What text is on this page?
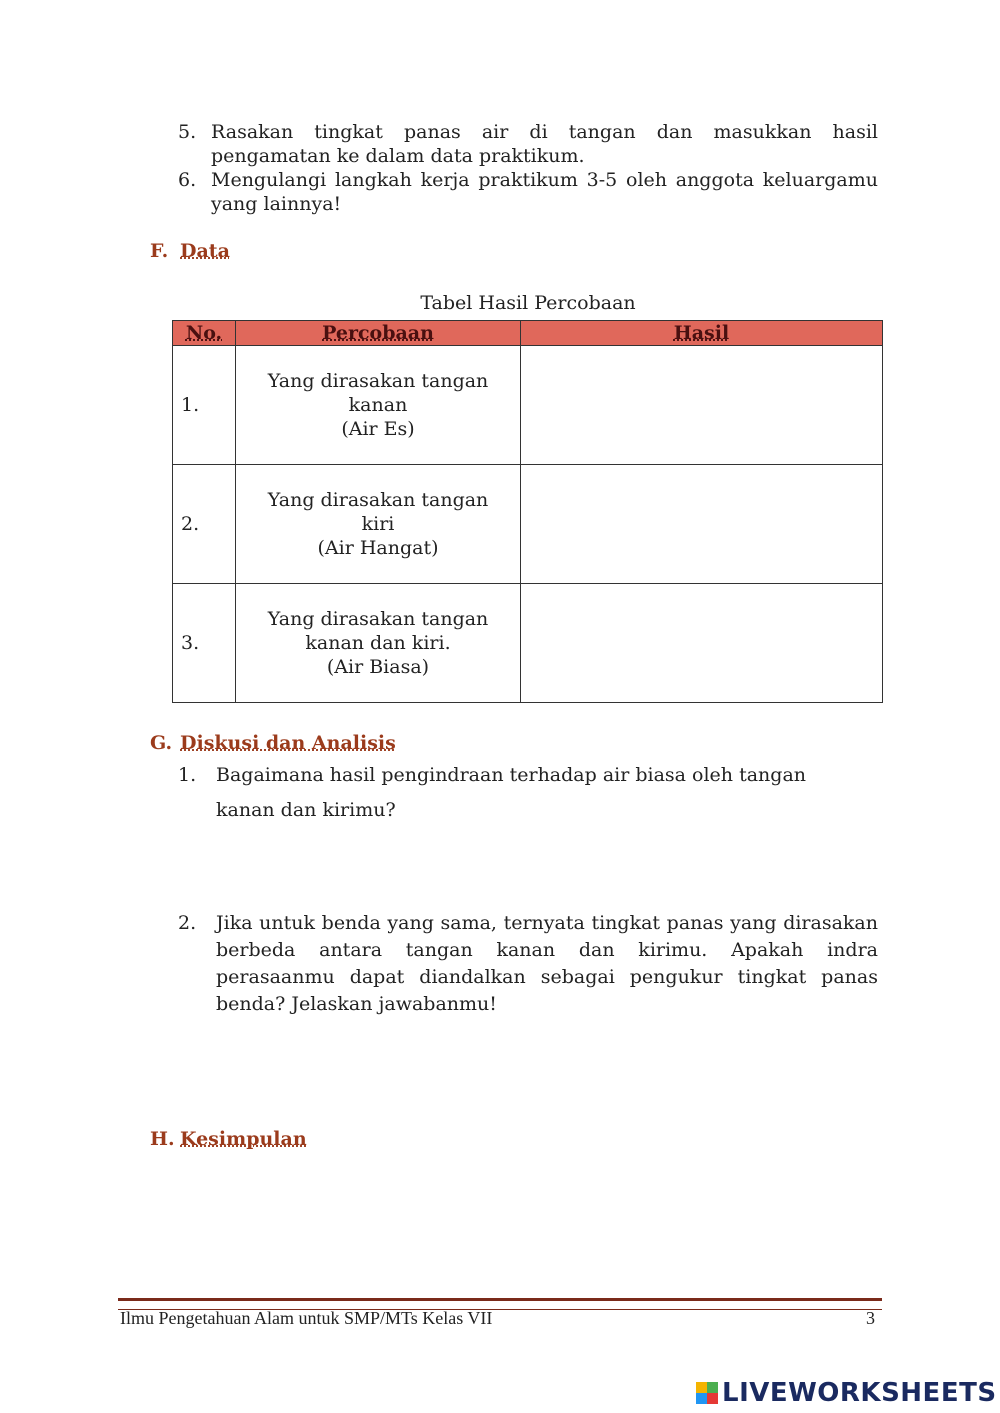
5. Rasakan tingkat panas air di tangan dan masukkan hasil pengamatan ke dalam data praktikum.
6. Mengulangi langkah kerja praktikum 3-5 oleh anggota keluargamu yang lainnya!
F. Data
Tabel Hasil Percobaan
No.	Percobaan	Hasil
1.	Yang dirasakan tangan
kanan
(Air Es)	

2.	Yang dirasakan tangan
kiri
(Air Hangat)	

3.	Yang dirasakan tangan
kanan dan kiri.
(Air Biasa)	

G. Diskusi dan Analisis
1.	Bagaimana hasil pengindraan terhadap air biasa oleh tangan kanan dan kirimu?
2.	Jika untuk benda yang sama, ternyata tingkat panas yang dirasakan berbeda antara tangan kanan dan kirimu. Apakah indra perasaanmu dapat diandalkan sebagai pengukur tingkat panas benda? Jelaskan jawabanmu!
H. Kesimpulan
Ilmu Pengetahuan Alam untuk SMP/MTs Kelas VII	3
LIVEWORKSHEETS
